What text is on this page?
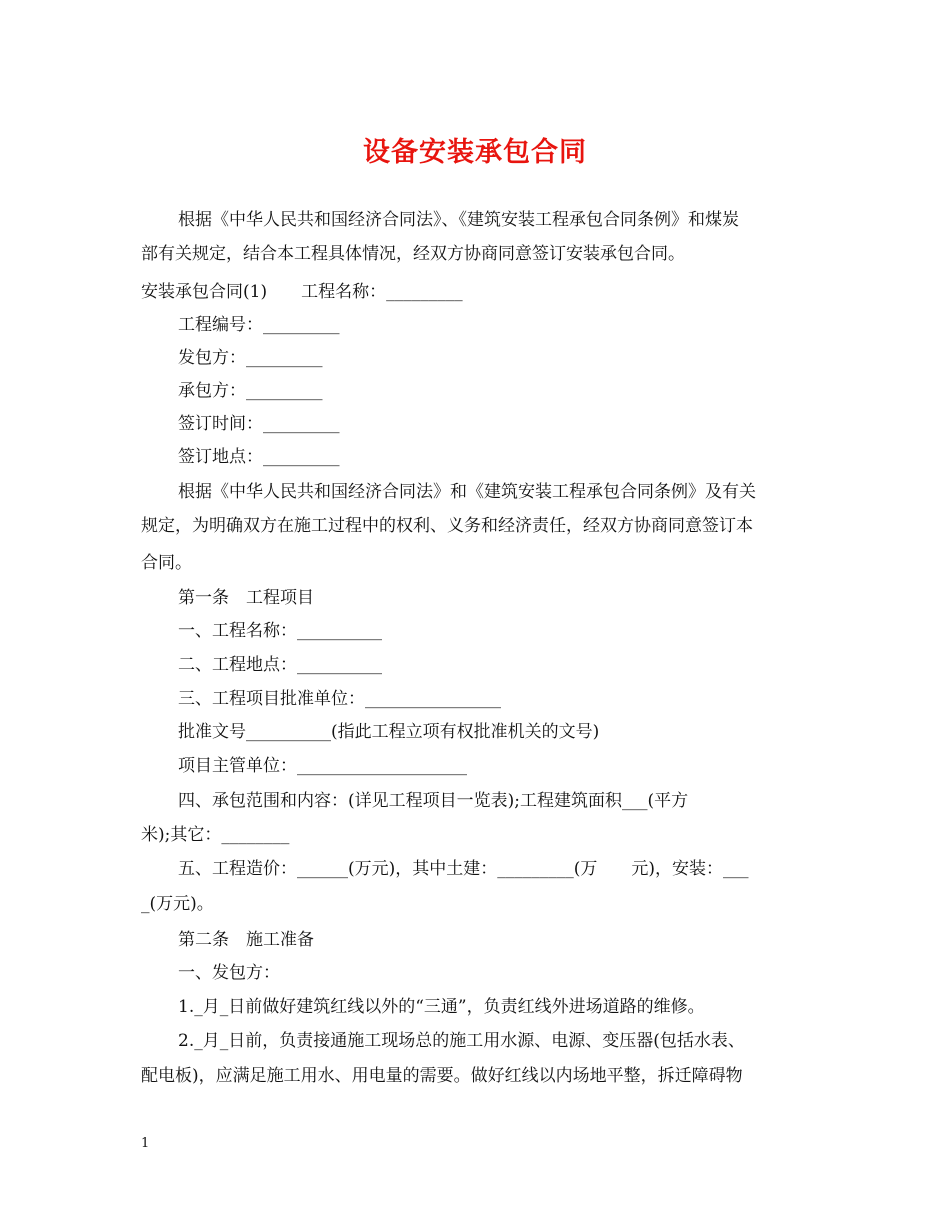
设备安装承包合同
根据《中华人民共和国经济合同法》、《建筑安装工程承包合同条例》和煤炭
部有关规定，结合本工程具体情况，经双方协商同意签订安装承包合同。
安装承包合同(1)　　工程名称：_________
工程编号：_________
发包方：_________
承包方：_________
签订时间：_________
签订地点：_________
根据《中华人民共和国经济合同法》和《建筑安装工程承包合同条例》及有关
规定，为明确双方在施工过程中的权利、义务和经济责任，经双方协商同意签订本
合同。
第一条　工程项目
一、工程名称：__________
二、工程地点：__________
三、工程项目批准单位：________________
批准文号__________(指此工程立项有权批准机关的文号)
项目主管单位：____________________
四、承包范围和内容：(详见工程项目一览表);工程建筑面积___(平方
米);其它：________
五、工程造价：______(万元)，其中土建：_________(万　　元)，安装：___
_(万元)。
第二条　施工准备
一、发包方：
1._月_日前做好建筑红线以外的“三通”，负责红线外进场道路的维修。
2._月_日前，负责接通施工现场总的施工用水源、电源、变压器(包括水表、
配电板)，应满足施工用水、用电量的需要。做好红线以内场地平整，拆迁障碍物
1
